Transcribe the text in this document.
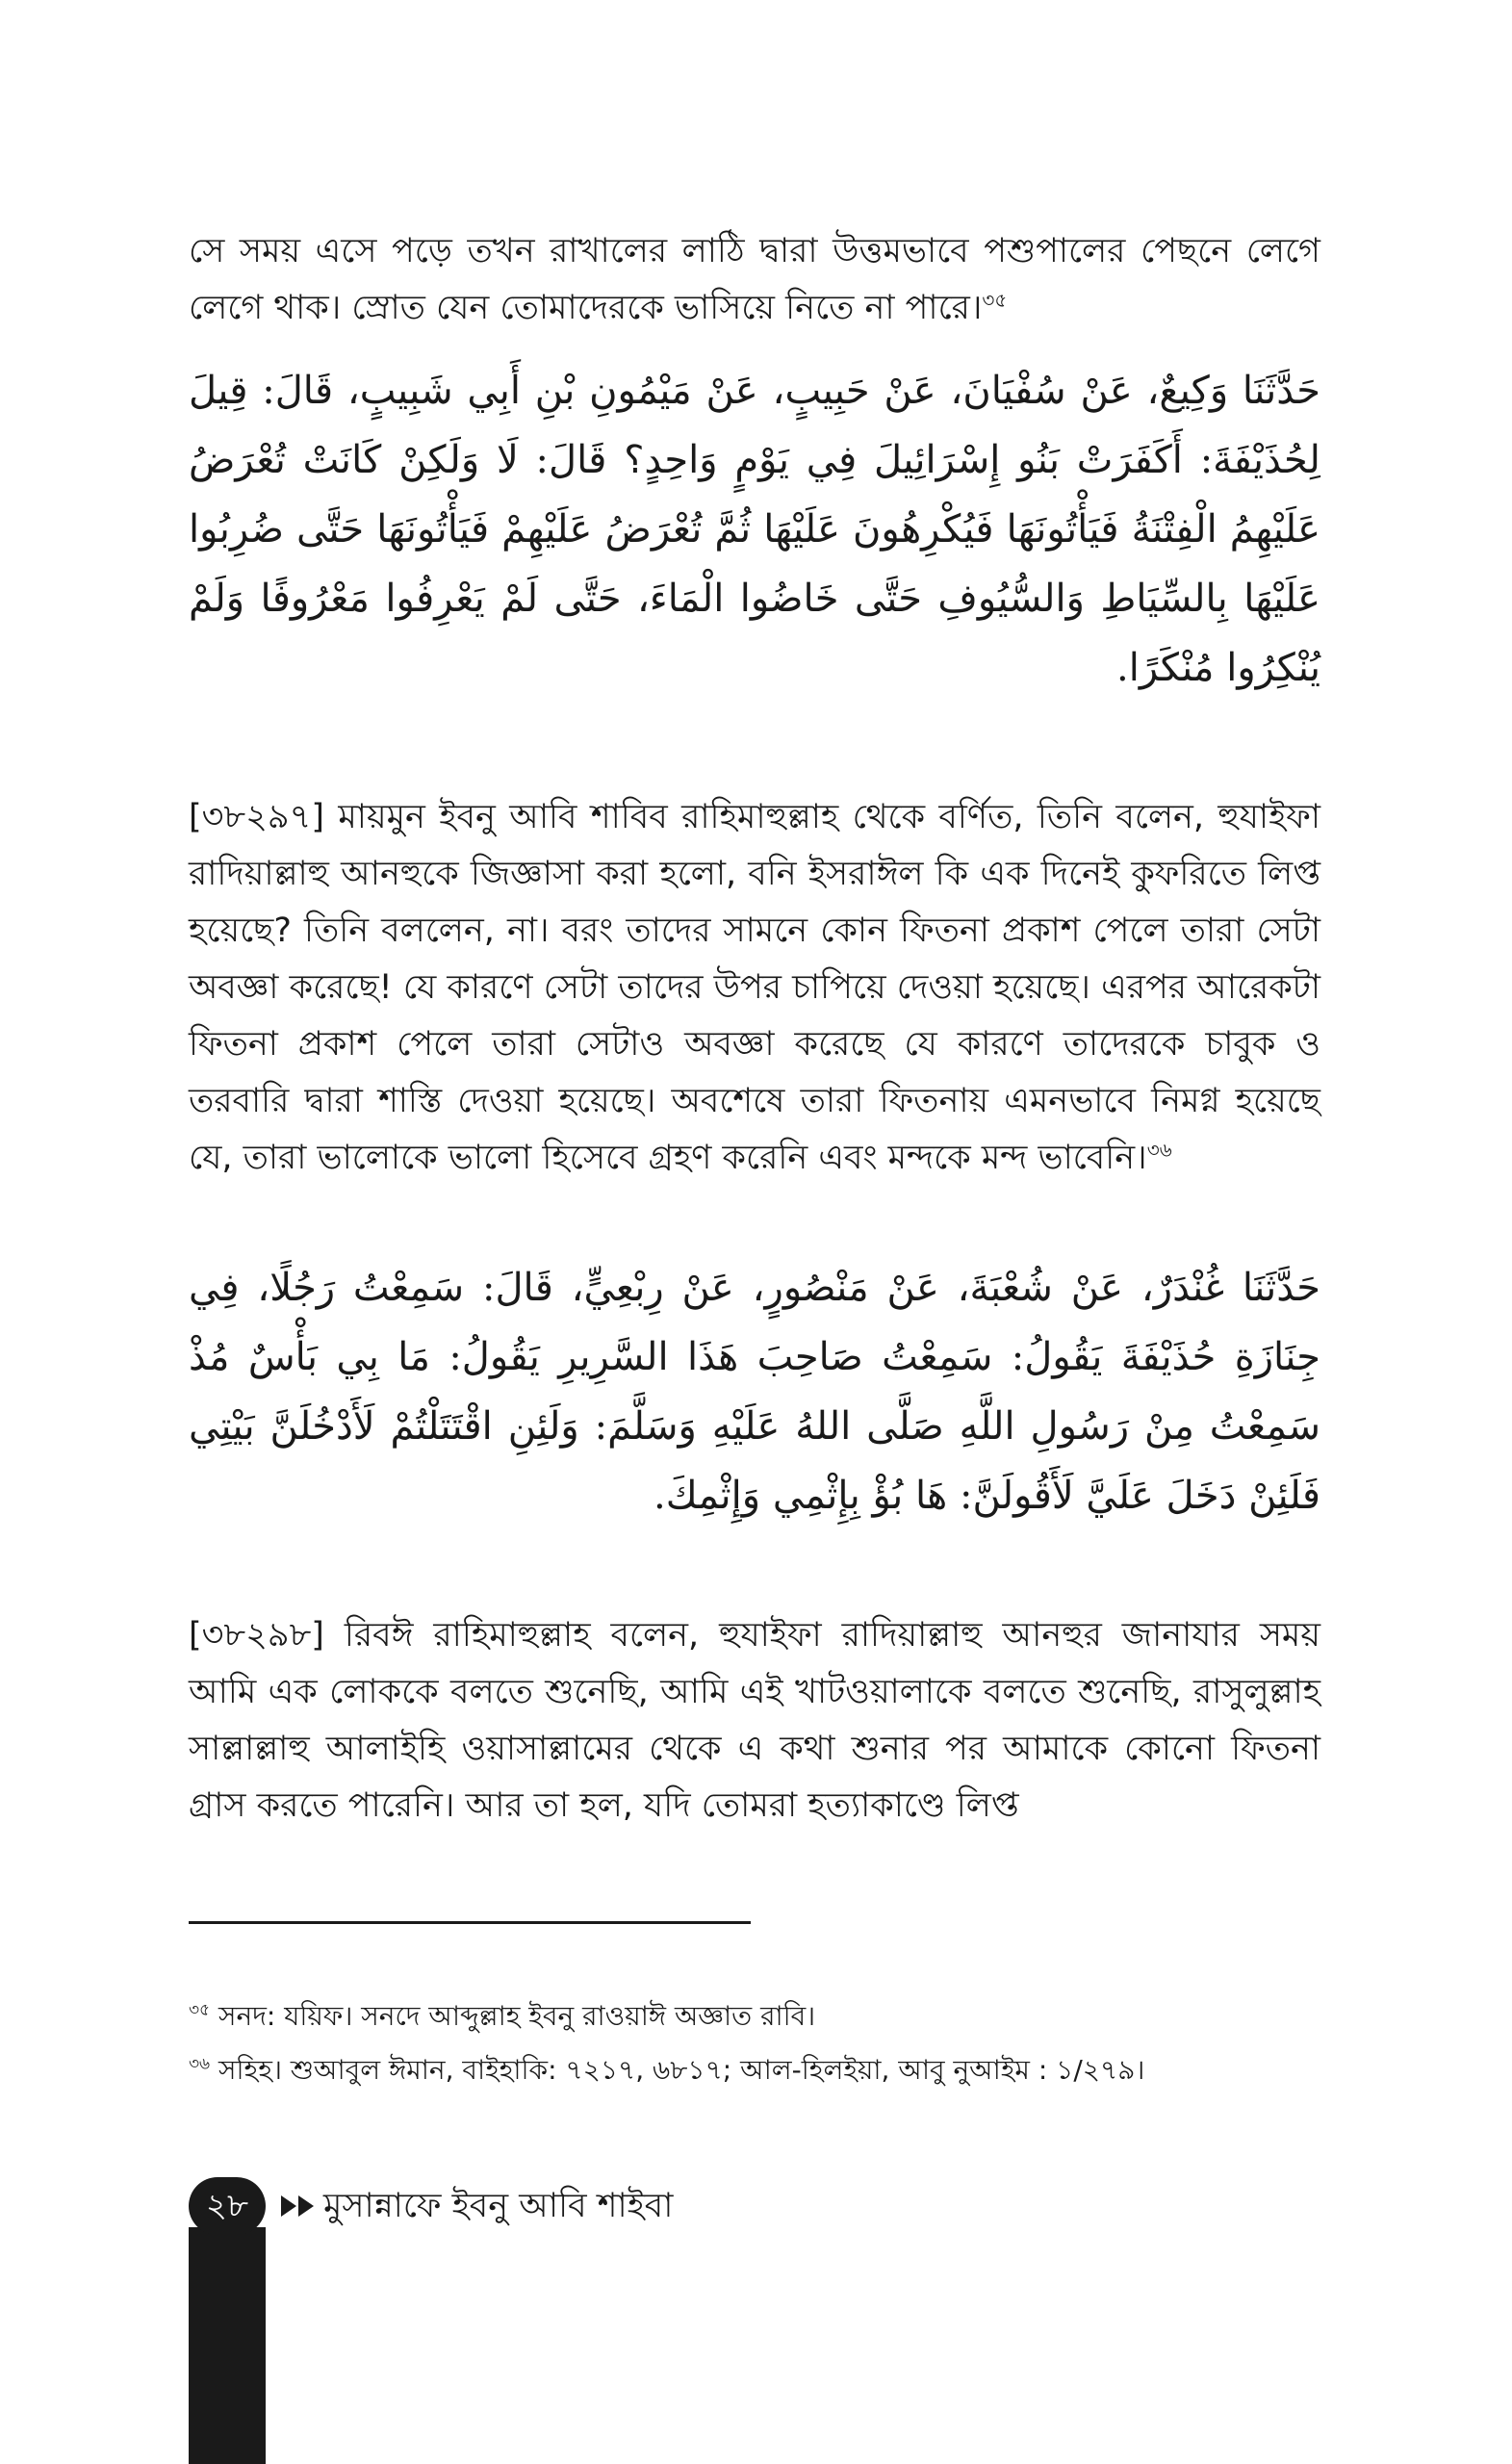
সে সময় এসে পড়ে তখন রাখালের লাঠি দ্বারা উত্তমভাবে পশুপালের পেছনে লেগে লেগে থাক। স্রোত যেন তোমাদেরকে ভাসিয়ে নিতে না পারে।$^{৩৫}$
حَدَّثَنَا وَكِيعٌ، عَنْ سُفْيَانَ، عَنْ حَبِيبٍ، عَنْ مَيْمُونِ بْنِ أَبِي شَبِيبٍ، قَالَ: قِيلَ لِحُذَيْفَةَ: أَكَفَرَتْ بَنُو إِسْرَائِيلَ فِي يَوْمٍ وَاحِدٍ؟ قَالَ: لَا وَلَكِنْ كَانَتْ تُعْرَضُ عَلَيْهِمُ الْفِتْنَةُ فَيَأْتُونَهَا فَيُكْرِهُونَ عَلَيْهَا ثُمَّ تُعْرَضُ عَلَيْهِمْ فَيَأْتُونَهَا حَتَّى ضُرِبُوا عَلَيْهَا بِالسِّيَاطِ وَالسُّيُوفِ حَتَّى خَاضُوا الْمَاءَ، حَتَّى لَمْ يَعْرِفُوا مَعْرُوفًا وَلَمْ يُنْكِرُوا مُنْكَرًا.
[৩৮২৯৭] মায়মুন ইবনু আবি শাবিব রাহিমাহুল্লাহ থেকে বর্ণিত, তিনি বলেন, হুযাইফা রাদিয়াল্লাহু আনহুকে জিজ্ঞাসা করা হলো, বনি ইসরাঈল কি এক দিনেই কুফরিতে লিপ্ত হয়েছে? তিনি বললেন, না। বরং তাদের সামনে কোন ফিতনা প্রকাশ পেলে তারা সেটা অবজ্ঞা করেছে! যে কারণে সেটা তাদের উপর চাপিয়ে দেওয়া হয়েছে। এরপর আরেকটা ফিতনা প্রকাশ পেলে তারা সেটাও অবজ্ঞা করেছে যে কারণে তাদেরকে চাবুক ও তরবারি দ্বারা শাস্তি দেওয়া হয়েছে। অবশেষে তারা ফিতনায় এমনভাবে নিমগ্ন হয়েছে যে, তারা ভালোকে ভালো হিসেবে গ্রহণ করেনি এবং মন্দকে মন্দ ভাবেনি।$^{৩৬}$
حَدَّثَنَا غُنْدَرٌ، عَنْ شُعْبَةَ، عَنْ مَنْصُورٍ، عَنْ رِبْعِيٍّ، قَالَ: سَمِعْتُ رَجُلًا، فِي جِنَازَةِ حُذَيْفَةَ يَقُولُ: سَمِعْتُ صَاحِبَ هَذَا السَّرِيرِ يَقُولُ: مَا بِي بَأْسٌ مُذْ سَمِعْتُ مِنْ رَسُولِ اللَّهِ صَلَّى اللهُ عَلَيْهِ وَسَلَّمَ: وَلَئِنِ اقْتَتَلْتُمْ لَأَدْخُلَنَّ بَيْتِي فَلَئِنْ دَخَلَ عَلَيَّ لَأَقُولَنَّ: هَا بُؤْ بِإِثْمِي وَإِثْمِكَ.
[৩৮২৯৮] রিবঈ রাহিমাহুল্লাহ বলেন, হুযাইফা রাদিয়াল্লাহু আনহুর জানাযার সময় আমি এক লোককে বলতে শুনেছি, আমি এই খাটওয়ালাকে বলতে শুনেছি, রাসুলুল্লাহ সাল্লাল্লাহু আলাইহি ওয়াসাল্লামের থেকে এ কথা শুনার পর আমাকে কোনো ফিতনা গ্রাস করতে পারেনি। আর তা হল, যদি তোমরা হত্যাকাণ্ডে লিপ্ত
$^{৩৫}$ সনদ: যয়িফ। সনদে আব্দুল্লাহ ইবনু রাওয়াঈ অজ্ঞাত রাবি।
$^{৩৬}$ সহিহ। শুআবুল ঈমান, বাইহাকি: ৭২১৭, ৬৮১৭; আল-হিলইয়া, আবু নুআইম : ১/২৭৯।
২৮	মুসান্নাফে ইবনু আবি শাইবা
